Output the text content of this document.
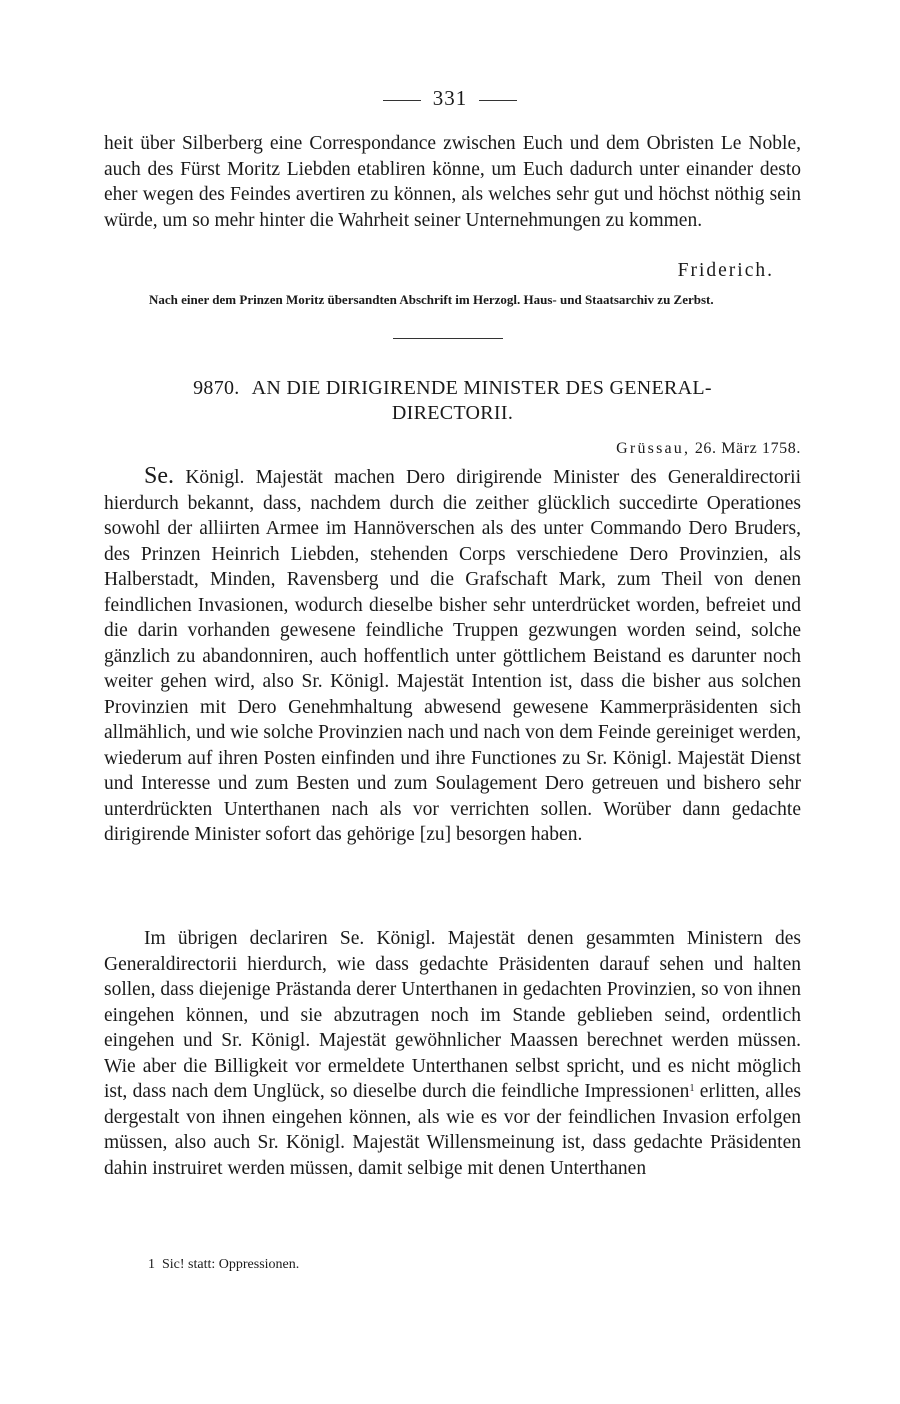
331

heit über Silberberg eine Correspondance zwischen Euch und dem Obristen Le Noble, auch des Fürst Moritz Liebden etabliren könne, um Euch dadurch unter einander desto eher wegen des Feindes avertiren zu können, als welches sehr gut und höchst nöthig sein würde, um so mehr hinter die Wahrheit seiner Unternehmungen zu kommen.

Friderich.
Nach einer dem Prinzen Moritz übersandten Abschrift im Herzogl. Haus- und Staatsarchiv zu Zerbst.
9870. AN DIE DIRIGIRENDE MINISTER DES GENERAL-
DIRECTORII.
Grüssau, 26. März 1758.

Se. Königl. Majestät machen Dero dirigirende Minister des Generaldirectorii hierdurch bekannt, dass, nachdem durch die zeither glücklich succedirte Operationes sowohl der alliirten Armee im Hannöverschen als des unter Commando Dero Bruders, des Prinzen Heinrich Liebden, stehenden Corps verschiedene Dero Provinzien, als Halberstadt, Minden, Ravensberg und die Grafschaft Mark, zum Theil von denen feindlichen Invasionen, wodurch dieselbe bisher sehr unterdrücket worden, befreiet und die darin vorhanden gewesene feindliche Truppen gezwungen worden seind, solche gänzlich zu abandonniren, auch hoffentlich unter göttlichem Beistand es darunter noch weiter gehen wird, also Sr. Königl. Majestät Intention ist, dass die bisher aus solchen Provinzien mit Dero Genehmhaltung abwesend gewesene Kammerpräsidenten sich allmählich, und wie solche Provinzien nach und nach von dem Feinde gereiniget werden, wiederum auf ihren Posten einfinden und ihre Functiones zu Sr. Königl. Majestät Dienst und Interesse und zum Besten und zum Soulagement Dero getreuen und bishero sehr unterdrückten Unterthanen nach als vor verrichten sollen. Worüber dann gedachte dirigirende Minister sofort das gehörige [zu] besorgen haben.

Im übrigen declariren Se. Königl. Majestät denen gesammten Ministern des Generaldirectorii hierdurch, wie dass gedachte Präsidenten darauf sehen und halten sollen, dass diejenige Prästanda derer Unterthanen in gedachten Provinzien, so von ihnen eingehen können, und sie abzutragen noch im Stande geblieben seind, ordentlich eingehen und Sr. Königl. Majestät gewöhnlicher Maassen berechnet werden müssen. Wie aber die Billigkeit vor ermeldete Unterthanen selbst spricht, und es nicht möglich ist, dass nach dem Unglück, so dieselbe durch die feindliche Impressionen$^1$ erlitten, alles dergestalt von ihnen eingehen können, als wie es vor der feindlichen Invasion erfolgen müssen, also auch Sr. Königl. Majestät Willensmeinung ist, dass gedachte Präsidenten dahin instruiret werden müssen, damit selbige mit denen Unterthanen

1 Sic! statt: Oppressionen.
